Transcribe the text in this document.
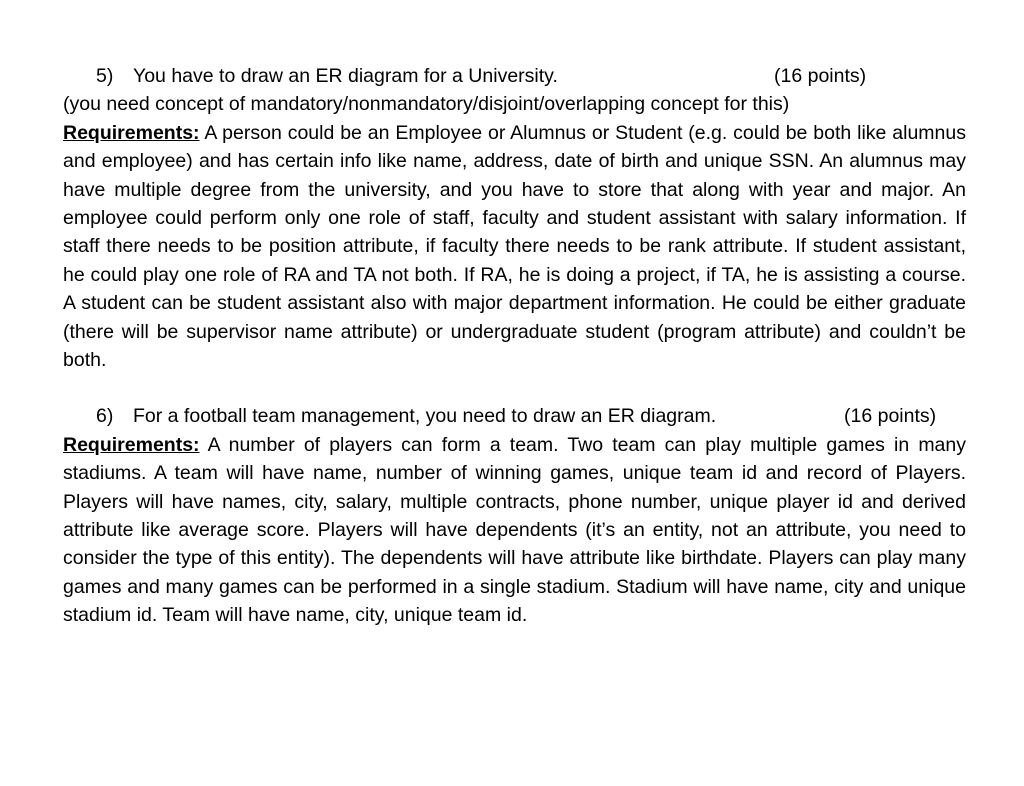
5) You have to draw an ER diagram for a University.	(16 points)
(you need concept of mandatory/nonmandatory/disjoint/overlapping concept for this)
Requirements: A person could be an Employee or Alumnus or Student (e.g. could be both like alumnus and employee) and has certain info like name, address, date of birth and unique SSN. An alumnus may have multiple degree from the university, and you have to store that along with year and major. An employee could perform only one role of staff, faculty and student assistant with salary information. If staff there needs to be position attribute, if faculty there needs to be rank attribute. If student assistant, he could play one role of RA and TA not both. If RA, he is doing a project, if TA, he is assisting a course. A student can be student assistant also with major department information. He could be either graduate (there will be supervisor name attribute) or undergraduate student (program attribute) and couldn’t be both.
6) For a football team management, you need to draw an ER diagram.	(16 points)
Requirements: A number of players can form a team. Two team can play multiple games in many stadiums. A team will have name, number of winning games, unique team id and record of Players. Players will have names, city, salary, multiple contracts, phone number, unique player id and derived attribute like average score. Players will have dependents (it’s an entity, not an attribute, you need to consider the type of this entity). The dependents will have attribute like birthdate. Players can play many games and many games can be performed in a single stadium. Stadium will have name, city and unique stadium id. Team will have name, city, unique team id.
